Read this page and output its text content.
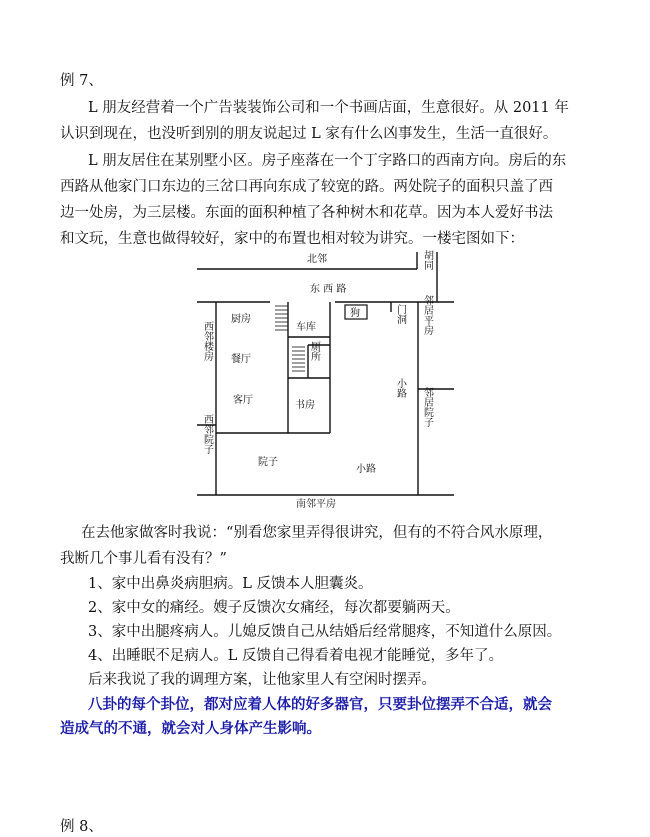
例 7、
L 朋友经营着一个广告装装饰公司和一个书画店面，生意很好。从 2011 年
认识到现在，也没听到别的朋友说起过 L 家有什么凶事发生，生活一直很好。
L 朋友居住在某别墅小区。房子座落在一个丁字路口的西南方向。房后的东
西路从他家门口东边的三岔口再向东成了较宽的路。两处院子的面积只盖了西
边一处房，为三层楼。东面的面积种植了各种树木和花草。因为本人爱好书法
和文玩，生意也做得较好，家中的布置也相对较为讲究。一楼宅图如下：
北邻	胡同
东 西 路
狗
厨房
车库
门洞 邻居平房
西邻楼房 餐厅	厕所
客厅	书房
小路 邻居院子
西邻院子
院子
小路
南邻平房
在去他家做客时我说：“别看您家里弄得很讲究，但有的不符合风水原理，
我断几个事儿看有没有？”
1、家中出鼻炎病胆病。L 反馈本人胆囊炎。
2、家中女的痛经。嫂子反馈次女痛经，每次都要躺两天。
3、家中出腿疼病人。儿媳反馈自己从结婚后经常腿疼，不知道什么原因。
4、出睡眠不足病人。L 反馈自己得看着电视才能睡觉，多年了。
后来我说了我的调理方案，让他家里人有空闲时摆弄。
八卦的每个卦位，都对应着人体的好多器官，只要卦位摆弄不合适，就会
造成气的不通，就会对人身体产生影响。
例 8、
